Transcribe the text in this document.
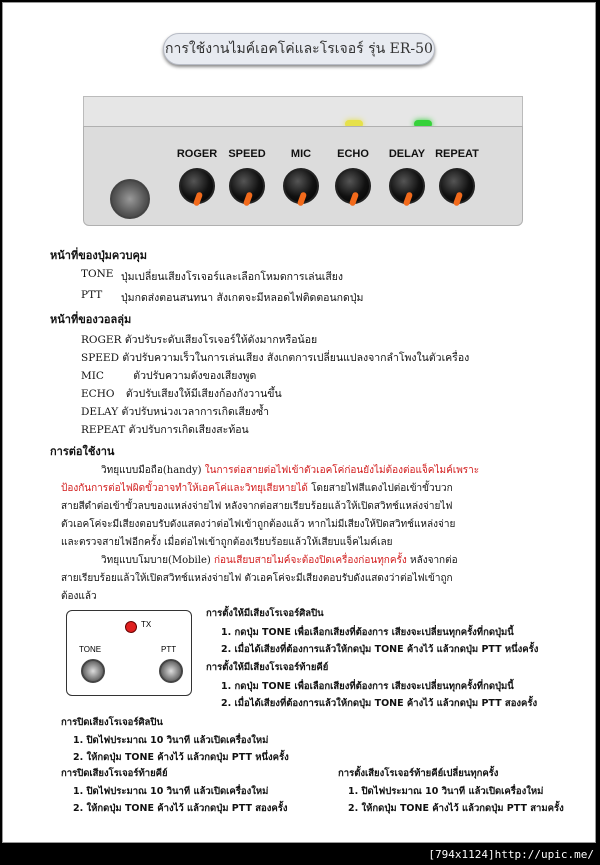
การใช้งานไมค์เอคโค่และโรเจอร์ รุ่น ER-50
ROGER	SPEED	MIC	ECHO	DELAY REPEAT
หน้าที่ของปุ่มควบคุม
TONE ปุ่มเปลี่ยนเสียงโรเจอร์และเลือกโหมดการเล่นเสียง
PTT ปุ่มกดส่งตอนสนทนา สังเกตจะมีหลอดไฟติดตอนกดปุ่ม
หน้าที่ของวอลลุ่ม
ROGER ตัวปรับระดับเสียงโรเจอร์ให้ดังมากหรือน้อย
SPEED ตัวปรับความเร็วในการเล่นเสียง สังเกตการเปลี่ยนแปลงจากลำโพงในตัวเครื่อง
MIC	ตัวปรับความดังของเสียงพูด
ECHO ตัวปรับเสียงให้มีเสียงก้องกังวานขึ้น
DELAY ตัวปรับหน่วงเวลาการเกิดเสียงซ้ำ
REPEAT ตัวปรับการเกิดเสียงสะท้อน
การต่อใช้งาน
วิทยุแบบมือถือ(handy) ในการต่อสายต่อไฟเข้าตัวเอคโค่ก่อนยังไม่ต้องต่อแจ็คไมค์เพราะ
ป้องกันการต่อไฟผิดขั้วอาจทำให้เอคโค่และวิทยุเสียหายได้ โดยสายไฟสีแดงไปต่อเข้าขั้วบวก
สายสีดำต่อเข้าขั้วลบของแหล่งจ่ายไฟ หลังจากต่อสายเรียบร้อยแล้วให้เปิดสวิทช์แหล่งจ่ายไฟ
ตัวเอคโค่จะมีเสียงตอบรับดังแสดงว่าต่อไฟเข้าถูกต้องแล้ว หากไม่มีเสียงให้ปิดสวิทช์แหล่งจ่าย
และตรวจสายไฟอีกครั้ง เมื่อต่อไฟเข้าถูกต้องเรียบร้อยแล้วให้เสียบแจ็คไมค์เลย
วิทยุแบบโมบาย(Mobile) ก่อนเสียบสายไมค์จะต้องปิดเครื่องก่อนทุกครั้ง หลังจากต่อ
สายเรียบร้อยแล้วให้เปิดสวิทช์แหล่งจ่ายไฟ ตัวเอคโค่จะมีเสียงตอบรับดังแสดงว่าต่อไฟเข้าถูก
ต้องแล้ว
TX
TONE	PTT
การตั้งให้มีเสียงโรเจอร์ศิลปิน
1. กดปุ่ม TONE เพื่อเลือกเสียงที่ต้องการ เสียงจะเปลี่ยนทุกครั้งที่กดปุ่มนี้
2. เมื่อได้เสียงที่ต้องการแล้วให้กดปุ่ม TONE ค้างไว้ แล้วกดปุ่ม PTT หนึ่งครั้ง
การตั้งให้มีเสียงโรเจอร์ท้ายคีย์
1. กดปุ่ม TONE เพื่อเลือกเสียงที่ต้องการ เสียงจะเปลี่ยนทุกครั้งที่กดปุ่มนี้
2. เมื่อได้เสียงที่ต้องการแล้วให้กดปุ่ม TONE ค้างไว้ แล้วกดปุ่ม PTT สองครั้ง
การปิดเสียงโรเจอร์ศิลปิน
1. ปิดไฟประมาณ 10 วินาที แล้วเปิดเครื่องใหม่
2. ให้กดปุ่ม TONE ค้างไว้ แล้วกดปุ่ม PTT หนึ่งครั้ง
การปิดเสียงโรเจอร์ท้ายคีย์
1. ปิดไฟประมาณ 10 วินาที แล้วเปิดเครื่องใหม่
2. ให้กดปุ่ม TONE ค้างไว้ แล้วกดปุ่ม PTT สองครั้ง
การตั้งเสียงโรเจอร์ท้ายคีย์เปลี่ยนทุกครั้ง
1. ปิดไฟประมาณ 10 วินาที แล้วเปิดเครื่องใหม่
2. ให้กดปุ่ม TONE ค้างไว้ แล้วกดปุ่ม PTT สามครั้ง
[794x1124]http://upic.me/
